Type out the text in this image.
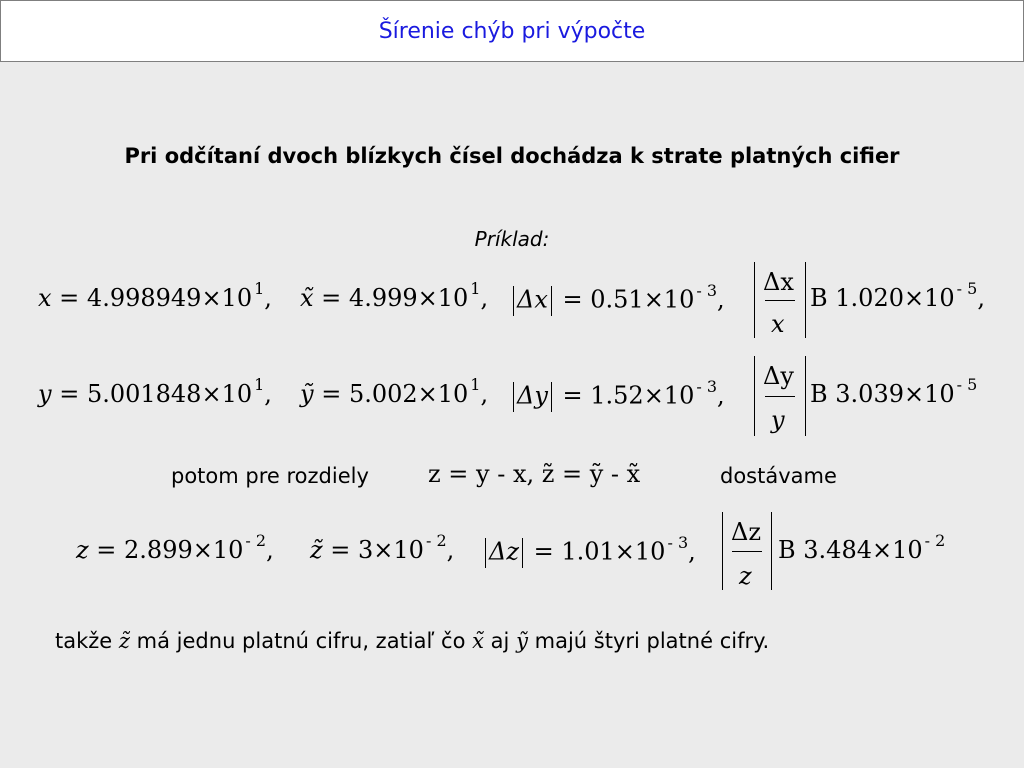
Šírenie chýb pri výpočte
Pri odčítaní dvoch blízkych čísel dochádza k strate platných cifier
Príklad:
x = 4.998949×10 $^1$, x̃ = 4.999×10 $^1$, Δx = 0.51×10 $^{- 3}$,
Δx
x
B 1.020×10 $^{- 5}$,
y = 5.001848×10 $^1$, ỹ = 5.002×10 $^1$, Δy = 1.52×10 $^{- 3}$,
Δy
y
B 3.039×10 $^{- 5}$
potom pre rozdiely z = y - x, z̃ = ỹ - x̃	dostávame
z = 2.899×10 $^{- 2}$, z̃ = 3×10 $^{- 2}$, Δz = 1.01×10 $^{- 3}$,
Δz
z
B 3.484×10 $^{- 2}$
takže z̃ má jednu platnú cifru, zatiaľ čo x̃ aj ỹ majú štyri platné cifry.
